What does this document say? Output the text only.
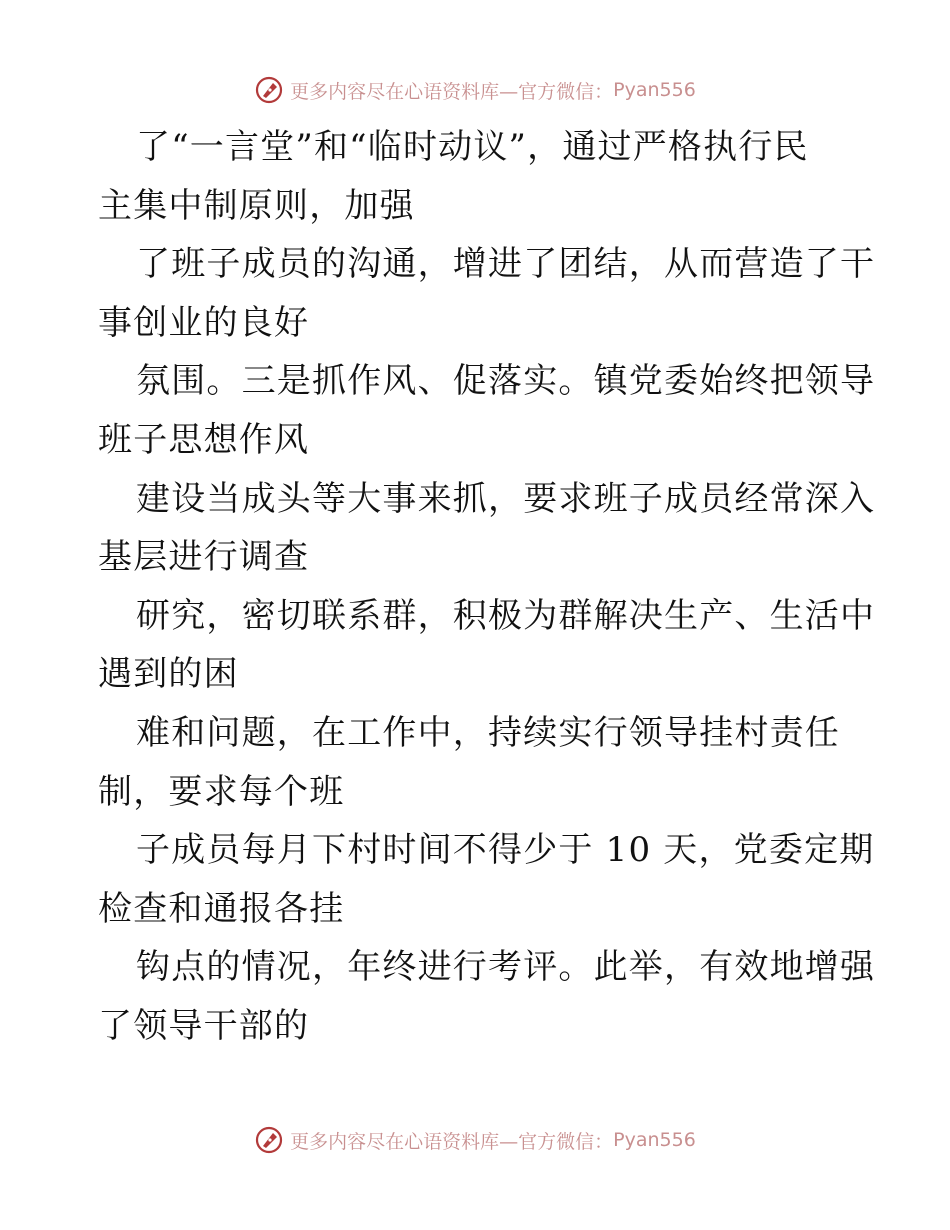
更多内容尽在心语资料库—官方微信： Pyan556
了“一言堂”和“临时动议”，通过严格执行民
主集中制原则，加强
了班子成员的沟通，增进了团结，从而营造了干
事创业的良好
氛围。三是抓作风、促落实。镇党委始终把领导
班子思想作风
建设当成头等大事来抓，要求班子成员经常深入
基层进行调查
研究，密切联系群，积极为群解决生产、生活中
遇到的困
难和问题，在工作中，持续实行领导挂村责任
制，要求每个班
子成员每月下村时间不得少于 10 天，党委定期
检查和通报各挂
钩点的情况，年终进行考评。此举，有效地增强
了领导干部的
更多内容尽在心语资料库—官方微信： Pyan556
